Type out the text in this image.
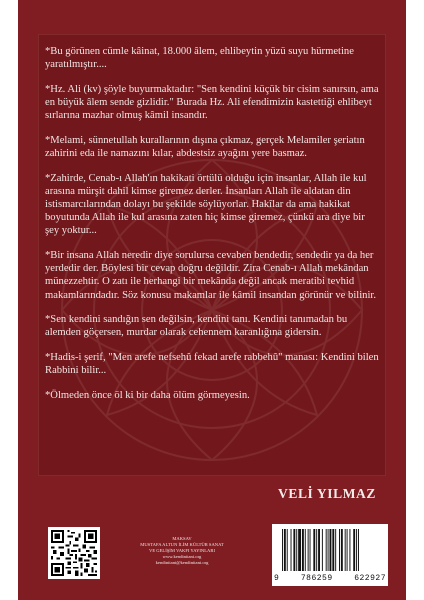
*Bu görünen cümle kâinat, 18.000 âlem, ehlibeytin yüzü suyu hürmetine yaratılmıştır....

*Hz. Ali (kv) şöyle buyurmaktadır: "Sen kendini küçük bir cisim sanırsın, ama en büyük âlem sende gizlidir." Burada Hz. Ali efendimizin kastettiği ehlibeyt sırlarına mazhar olmuş kâmil insandır.

*Melami, sünnetullah kurallarının dışına çıkmaz, gerçek Melamiler şeriatın zahirini eda ile namazını kılar, abdestsiz ayağını yere basmaz.

*Zahirde, Cenab-ı Allah'ın hakikati örtülü olduğu için insanlar, Allah ile kul arasına mürşit dahil kimse giremez derler. İnsanları Allah ile aldatan din istismarcılarından dolayı bu şekilde söylüyorlar. Hakîlar da ama hakikat boyutunda Allah ile kul arasına zaten hiç kimse giremez, çünkü ara diye bir şey yoktur...

*Bir insana Allah neredir diye sorulursa cevaben bendedir, sendedir ya da her yerdedir der. Böylesi bir cevap doğru değildir. Zira Cenab-ı Allah mekândan münezzehtir. O zatı ile herhangi bir mekânda değil ancak meratibi tevhid makamlarındadır. Söz konusu makamlar ile kâmil insandan görünür ve bilinir.

*Sen kendini sandığın sen değilsin, kendini tanı. Kendini tanımadan bu alemden göçersen, murdar olarak cehennem karanlığına gidersin.

*Hadis-i şerif, "Men arefe nefsehû fekad arefe rabbehû" manası: Kendini bilen Rabbini bilir...

*Ölmeden önce öl ki bir daha ölüm görmeyesin.

VELİ YILMAZ
MAKSAV
MUSTAFA ALTUN İLİM KÜLTÜR SANAT
VE GELİŞİM VAKFI YAYINLARI
www.kendinitani.org
kendinitani@kendinitani.org
9	786259	622927
